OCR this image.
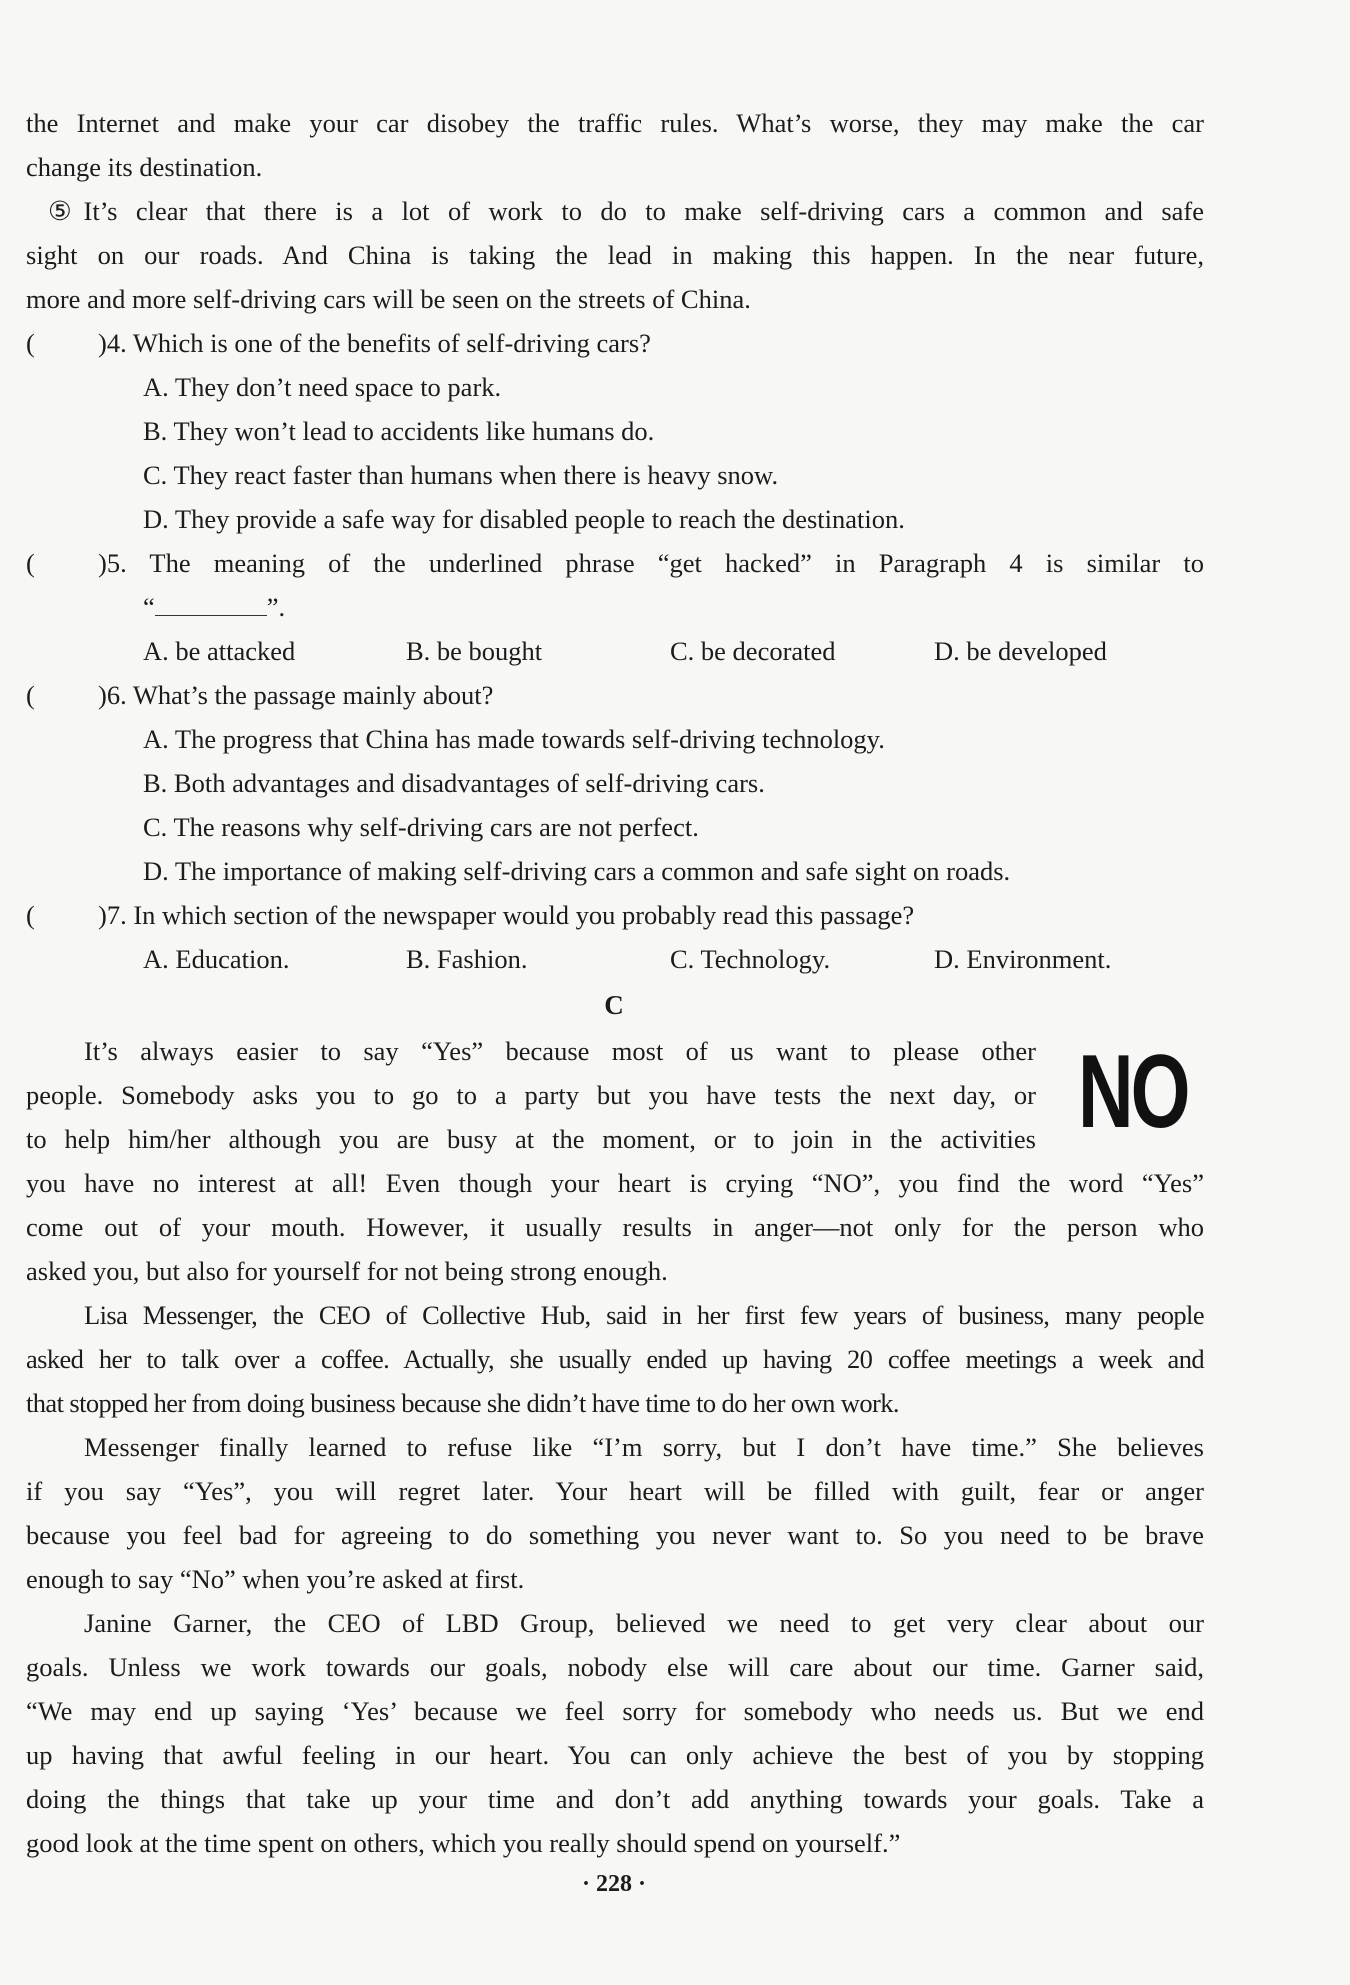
the Internet and make your car disobey the traffic rules. What’s worse, they may make the car
change its destination.
⑤It’s clear that there is a lot of work to do to make self-driving cars a common and safe
sight on our roads. And China is taking the lead in making this happen. In the near future,
more and more self-driving cars will be seen on the streets of China.
( )4. Which is one of the benefits of self-driving cars?
A. They don’t need space to park.
B. They won’t lead to accidents like humans do.
C. They react faster than humans when there is heavy snow.
D. They provide a safe way for disabled people to reach the destination.
( )5. The meaning of the underlined phrase “get hacked” in Paragraph 4 is similar to
“	”.
A. be attacked	B. be bought	C. be decorated	D. be developed
( )6. What’s the passage mainly about?
A. The progress that China has made towards self-driving technology.
B. Both advantages and disadvantages of self-driving cars.
C. The reasons why self-driving cars are not perfect.
D. The importance of making self-driving cars a common and safe sight on roads.
( )7. In which section of the newspaper would you probably read this passage?
A. Education.	B. Fashion.	C. Technology.	D. Environment.
C
NO
It’s always easier to say “Yes” because most of us want to please other
people. Somebody asks you to go to a party but you have tests the next day, or
to help him/her although you are busy at the moment, or to join in the activities
you have no interest at all! Even though your heart is crying “NO”, you find the word “Yes”
come out of your mouth. However, it usually results in anger—not only for the person who
asked you, but also for yourself for not being strong enough.
Lisa Messenger, the CEO of Collective Hub, said in her first few years of business, many people
asked her to talk over a coffee. Actually, she usually ended up having 20 coffee meetings a week and
that stopped her from doing business because she didn’t have time to do her own work.
Messenger finally learned to refuse like “I’m sorry, but I don’t have time.” She believes
if you say “Yes”, you will regret later. Your heart will be filled with guilt, fear or anger
because you feel bad for agreeing to do something you never want to. So you need to be brave
enough to say “No” when you’re asked at first.
Janine Garner, the CEO of LBD Group, believed we need to get very clear about our
goals. Unless we work towards our goals, nobody else will care about our time. Garner said,
“We may end up saying ‘Yes’ because we feel sorry for somebody who needs us. But we end
up having that awful feeling in our heart. You can only achieve the best of you by stopping
doing the things that take up your time and don’t add anything towards your goals. Take a
good look at the time spent on others, which you really should spend on yourself.”
· 228 ·
